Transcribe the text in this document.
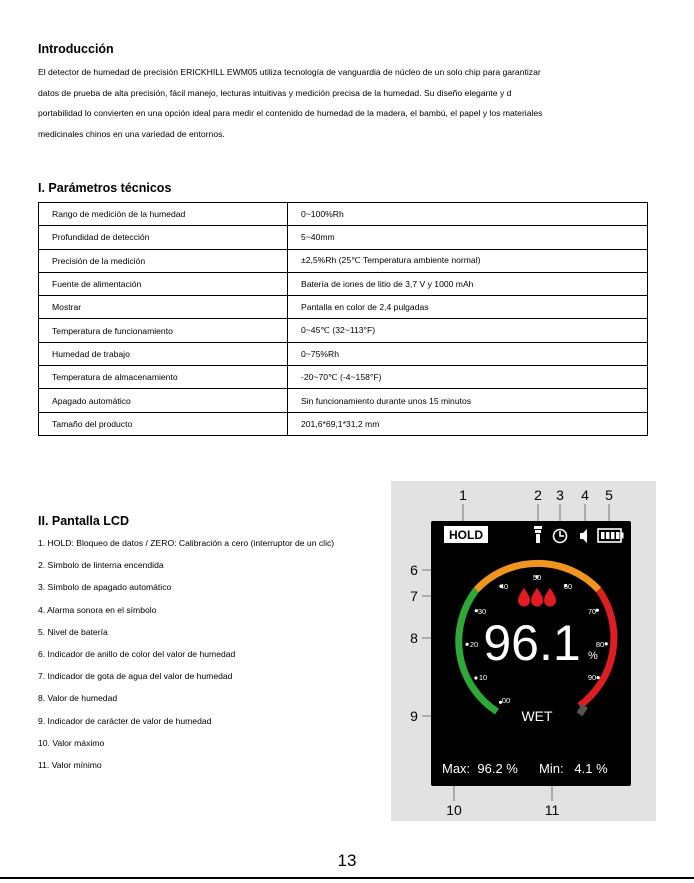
Introducción
El detector de humedad de precisión ERICKHILL EWM05 utiliza tecnología de vanguardia de núcleo de un solo chip para garantizar
datos de prueba de alta precisión, fácil manejo, lecturas intuitivas y medición precisa de la humedad. Su diseño elegante y d
portabilidad lo convierten en una opción ideal para medir el contenido de humedad de la madera, el bambú, el papel y los materiales
medicinales chinos en una variedad de entornos.
I. Parámetros técnicos
Rango de medición de la humedad	0~100%Rh
Profundidad de detección	5~40mm
Precisión de la medición	±2,5%Rh (25℃ Temperatura ambiente normal)
Fuente de alimentación	Batería de iones de litio de 3,7 V y 1000 mAh
Mostrar	Pantalla en color de 2,4 pulgadas
Temperatura de funcionamiento	0~45℃ (32~113°F)
Humedad de trabajo	0~75%Rh
Temperatura de almacenamiento	-20~70℃ (-4~158°F)
Apagado automático	Sin funcionamiento durante unos 15 minutos
Tamaño del producto	201,6*69,1*31,2 mm
II. Pantalla LCD
1. HOLD: Bloqueo de datos / ZERO: Calibración a cero (interruptor de un clic)
2. Símbolo de linterna encendida
3. Símbolo de apagado automático
4. Alarma sonora en el símbolo
5. Nivel de batería
6. Indicador de anillo de color del valor de humedad
7. Indicador de gota de agua del valor de humedad
8. Valor de humedad
9. Indicador de carácter de valor de humedad
10. Valor máximo
11. Valor mínimo
1	2 3 4 5
6
7
8
9
10	11
HOLD
00
10
20
30
40
50
60
70
80
90
96.1 %
WET
Max:  96.2 % Min:   4.1 %
13
